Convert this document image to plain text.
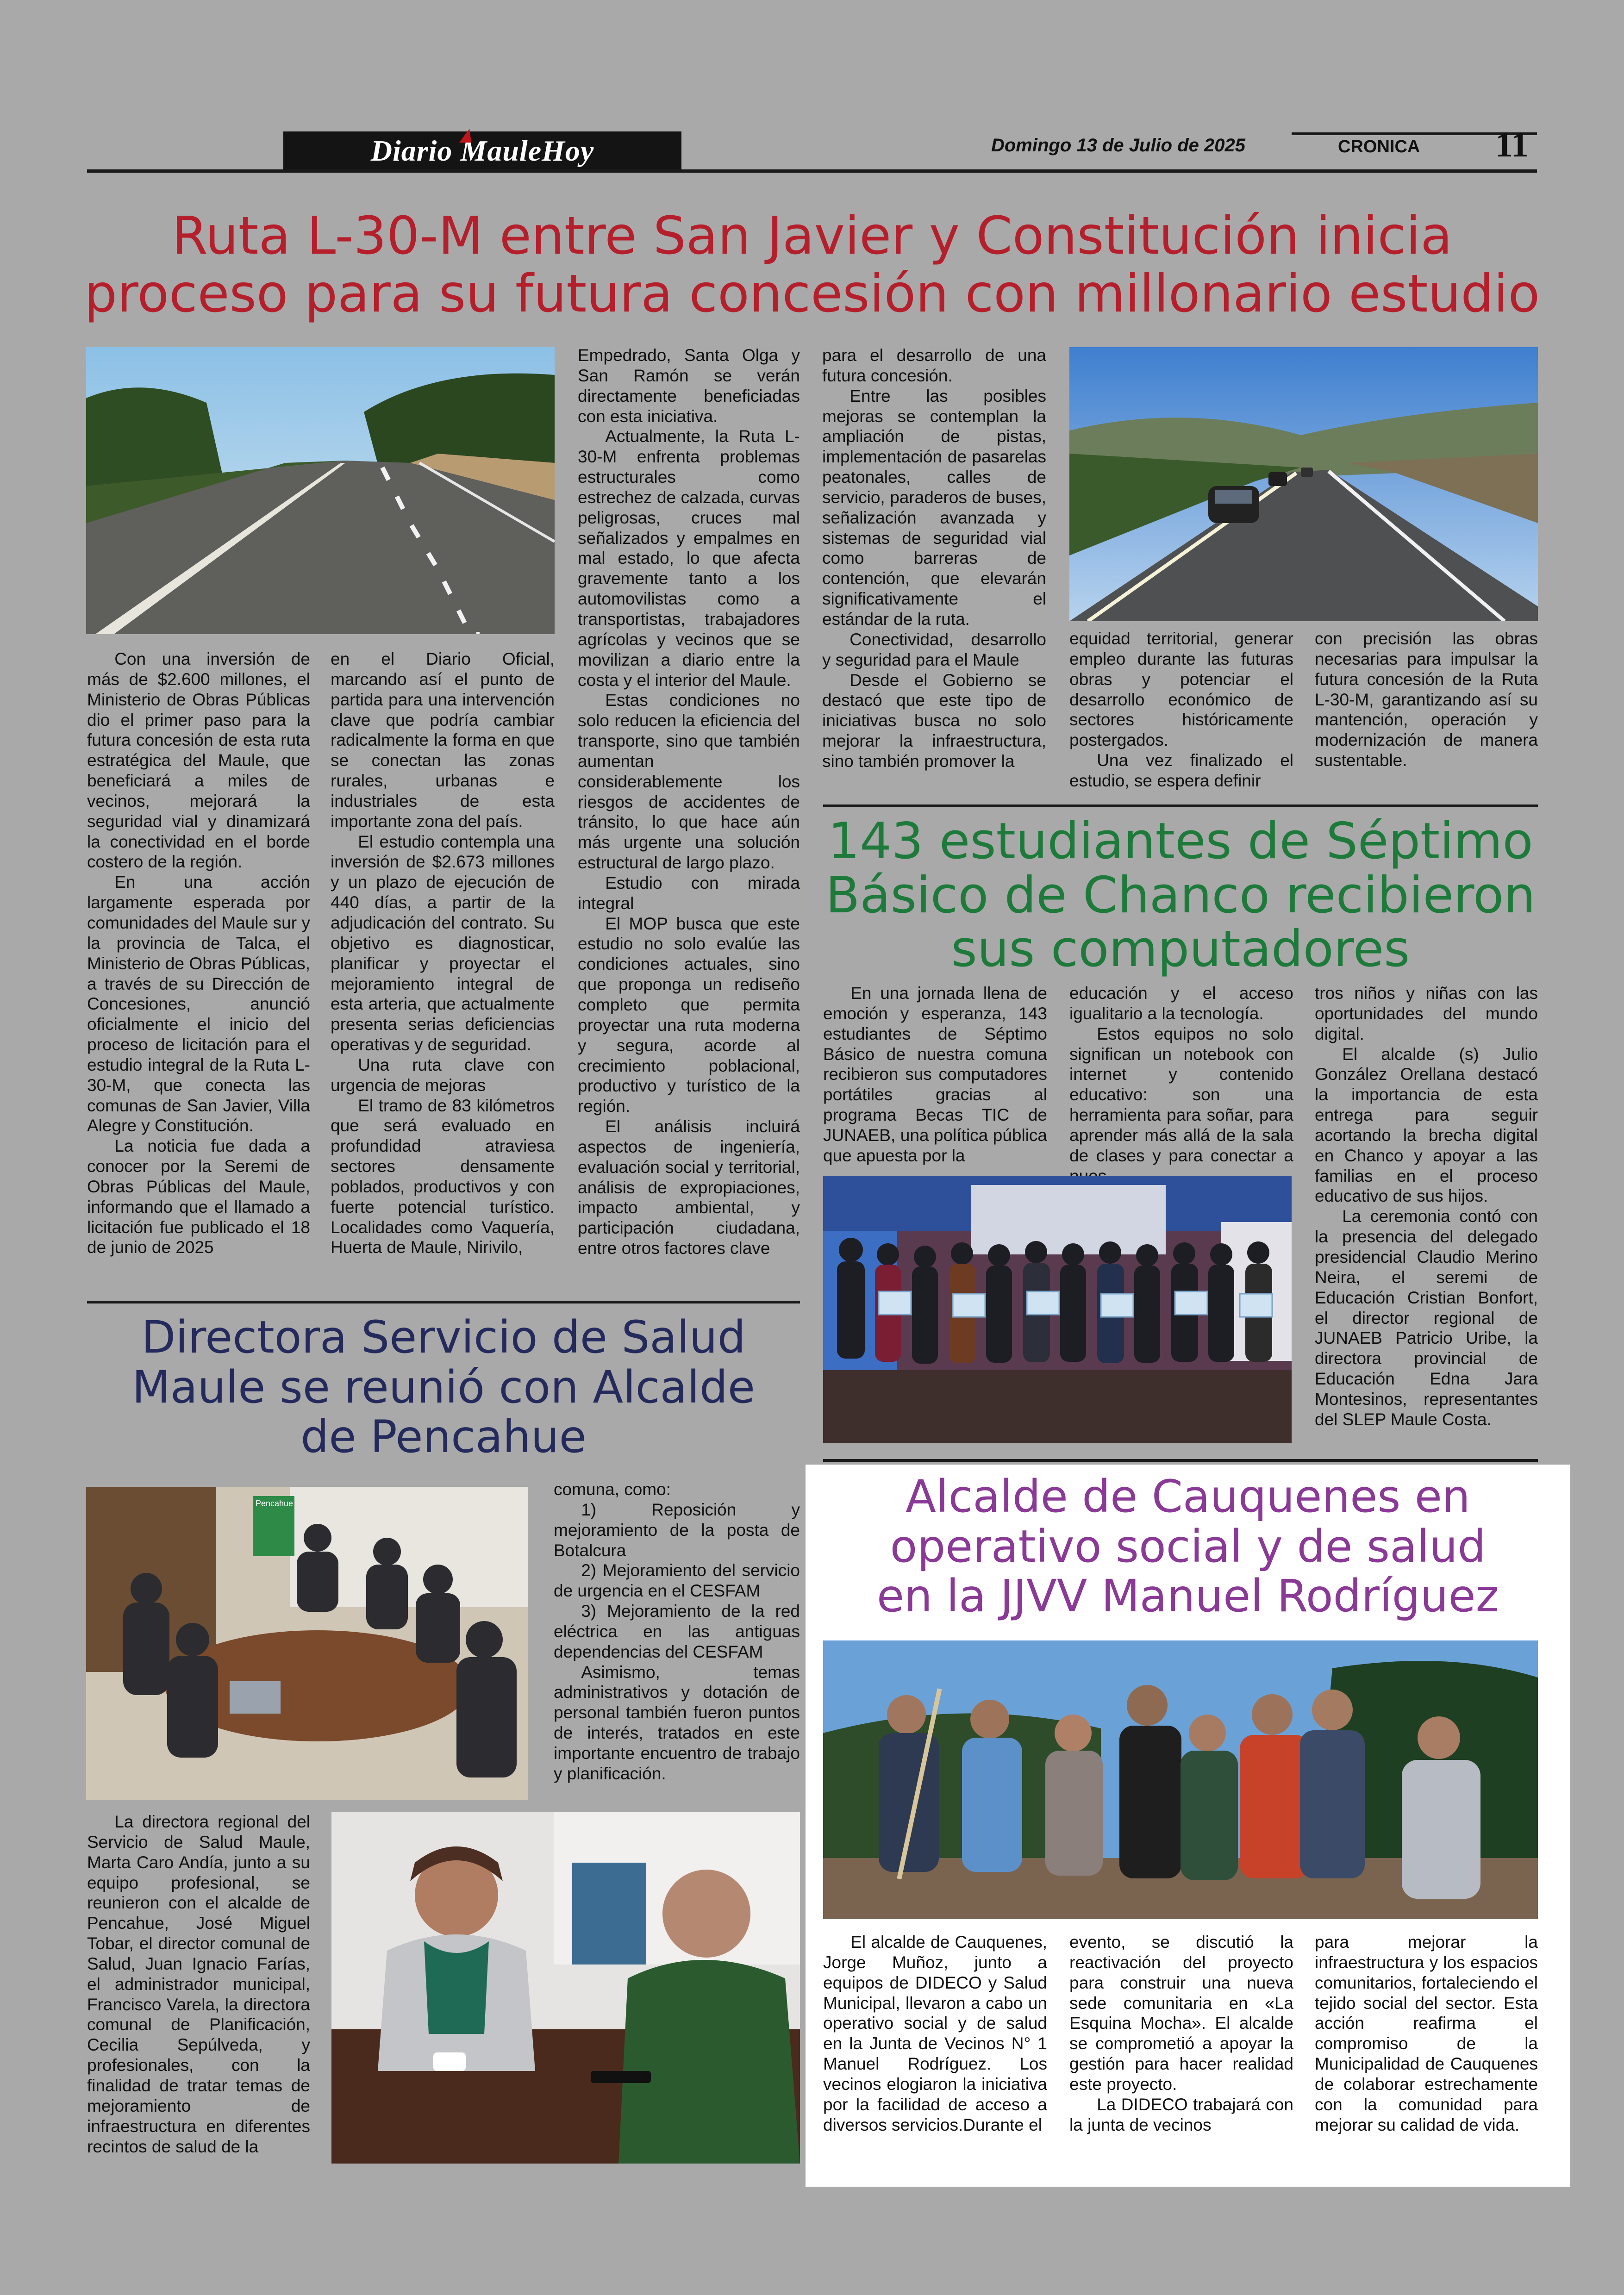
Diario MauleHoy	Domingo 13 de Julio de 2025	CRONICA	11
Ruta L-30-M entre San Javier y Constitución inicia
proceso para su futura concesión con millonario estudio

Con una inversión de más de $2.600 millones, el Ministerio de Obras Públicas dio el primer paso para la futura concesión de esta ruta estratégica del Maule, que beneficiará a miles de vecinos, mejorará la seguridad vial y dinamizará la conectividad en el borde costero de la región.

En una acción largamente esperada por comunidades del Maule sur y la provincia de Talca, el Ministerio de Obras Públicas, a través de su Dirección de Concesiones, anunció oficialmente el inicio del proceso de licitación para el estudio integral de la Ruta L-30-M, que conecta las comunas de San Javier, Villa Alegre y Constitución.

La noticia fue dada a conocer por la Seremi de Obras Públicas del Maule, informando que el llamado a licitación fue publicado el 18 de junio de 2025

en el Diario Oficial, marcando así el punto de partida para una intervención clave que podría cambiar radicalmente la forma en que se conectan las zonas rurales, urbanas e industriales de esta importante zona del país.

El estudio contempla una inversión de $2.673 millones y un plazo de ejecución de 440 días, a partir de la adjudicación del contrato. Su objetivo es diagnosticar, planificar y proyectar el mejoramiento integral de esta arteria, que actualmente presenta serias deficiencias operativas y de seguridad.

Una ruta clave con urgencia de mejoras

El tramo de 83 kilómetros que será evaluado en profundidad atraviesa sectores densamente poblados, productivos y con fuerte potencial turístico. Localidades como Vaquería, Huerta de Maule, Nirivilo,

Empedrado, Santa Olga y San Ramón se verán directamente beneficiadas con esta iniciativa.

Actualmente, la Ruta L-30-M enfrenta problemas estructurales como estrechez de calzada, curvas peligrosas, cruces mal señalizados y empalmes en mal estado, lo que afecta gravemente tanto a los automovilistas como a transportistas, trabajadores agrícolas y vecinos que se movilizan a diario entre la costa y el interior del Maule.

Estas condiciones no solo reducen la eficiencia del transporte, sino que también aumentan considerablemente los riesgos de accidentes de tránsito, lo que hace aún más urgente una solución estructural de largo plazo.

Estudio con mirada integral

El MOP busca que este estudio no solo evalúe las condiciones actuales, sino que proponga un rediseño completo que permita proyectar una ruta moderna y segura, acorde al crecimiento poblacional, productivo y turístico de la región.

El análisis incluirá aspectos de ingeniería, evaluación social y territorial, análisis de expropiaciones, impacto ambiental, y participación ciudadana, entre otros factores clave

para el desarrollo de una futura concesión.

Entre las posibles mejoras se contemplan la ampliación de pistas, implementación de pasarelas peatonales, calles de servicio, paraderos de buses, señalización avanzada y sistemas de seguridad vial como barreras de contención, que elevarán significativamente el estándar de la ruta.

Conectividad, desarrollo y seguridad para el Maule

Desde el Gobierno se destacó que este tipo de iniciativas busca no solo mejorar la infraestructura, sino también promover la

equidad territorial, generar empleo durante las futuras obras y potenciar el desarrollo económico de sectores históricamente postergados.

Una vez finalizado el estudio, se espera definir

con precisión las obras necesarias para impulsar la futura concesión de la Ruta L-30-M, garantizando así su mantención, operación y modernización de manera sustentable.

143 estudiantes de Séptimo
Básico de Chanco recibieron
sus computadores

En una jornada llena de emoción y esperanza, 143 estudiantes de Séptimo Básico de nuestra comuna recibieron sus computadores portátiles gracias al programa Becas TIC de JUNAEB, una política pública que apuesta por la

educación y el acceso igualitario a la tecnología.

Estos equipos no solo significan un notebook con internet y contenido educativo: son una herramienta para soñar, para aprender más allá de la sala de clases y para conectar a

tros niños y niñas con las oportunidades del mundo digital.

El alcalde (s) Julio González Orellana destacó la importancia de esta entrega para seguir acortando la brecha digital en Chanco y apoyar a las familias en el proceso educativo de sus hijos.

La ceremonia contó con la presencia del delegado presidencial Claudio Merino Neira, el seremi de Educación Cristian Bonfort, el director regional de JUNAEB Patricio Uribe, la directora provincial de Educación Edna Jara Montesinos, representantes del SLEP Maule Costa.

Directora Servicio de Salud
Maule se reunió con Alcalde
de Pencahue
Pencahue

comuna, como:

1) Reposición y mejoramiento de la posta de Botalcura

2) Mejoramiento del servicio de urgencia en el CESFAM

3) Mejoramiento de la red eléctrica en las antiguas dependencias del CESFAM

Asimismo, temas administrativos y dotación de personal también fueron puntos de interés, tratados en este importante encuentro de trabajo y planificación.

La directora regional del Servicio de Salud Maule, Marta Caro Andía, junto a su equipo profesional, se reunieron con el alcalde de Pencahue, José Miguel Tobar, el director comunal de Salud, Juan Ignacio Farías, el administrador municipal, Francisco Varela, la directora comunal de Planificación, Cecilia Sepúlveda, y profesionales, con la finalidad de tratar temas de mejoramiento de infraestructura en diferentes recintos de salud de la

Alcalde de Cauquenes en
operativo social y de salud
en la JJVV Manuel Rodríguez

El alcalde de Cauquenes, Jorge Muñoz, junto a equipos de DIDECO y Salud Municipal, llevaron a cabo un operativo social y de salud en la Junta de Vecinos N° 1 Manuel Rodríguez. Los vecinos elogiaron la iniciativa por la facilidad de acceso a diversos servicios.Durante el

evento, se discutió la reactivación del proyecto para construir una nueva sede comunitaria en «La Esquina Mocha». El alcalde se comprometió a apoyar la gestión para hacer realidad este proyecto.

La DIDECO trabajará con la junta de vecinos

para mejorar la infraestructura y los espacios comunitarios, fortaleciendo el tejido social del sector. Esta acción reafirma el compromiso de la Municipalidad de Cauquenes de colaborar estrechamente con la comunidad para mejorar su calidad de vida.
